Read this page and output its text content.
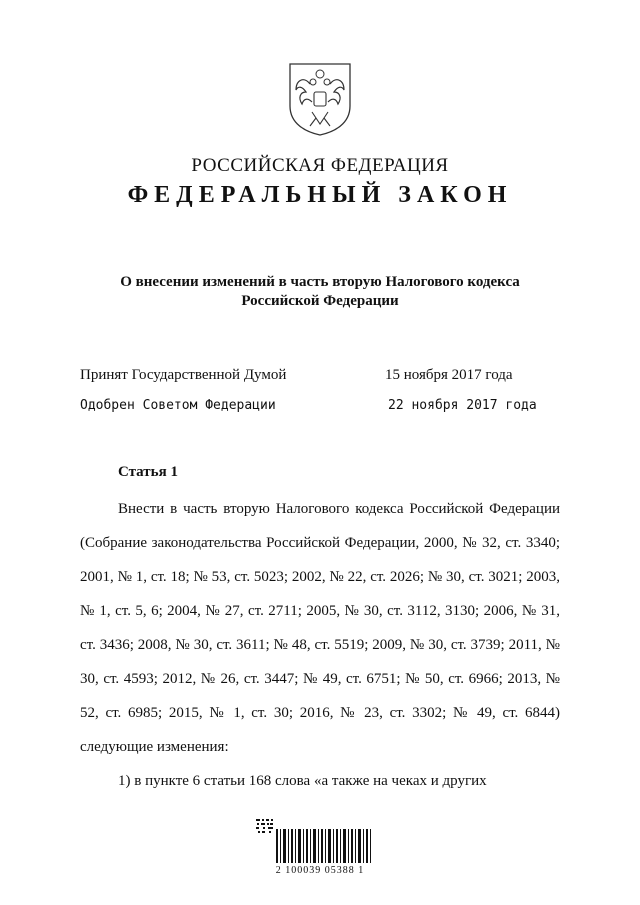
РОССИЙСКАЯ ФЕДЕРАЦИЯ
ФЕДЕРАЛЬНЫЙ ЗАКОН
О внесении изменений в часть вторую Налогового кодекса
Российской Федерации
Принят Государственной Думой	15 ноября 2017 года
Одобрен Советом Федерации	22 ноября 2017 года
Статья 1

Внести в часть вторую Налогового кодекса Российской Федерации (Собрание законодательства Российской Федерации, 2000, № 32, ст. 3340; 2001, № 1, ст. 18; № 53, ст. 5023; 2002, № 22, ст. 2026; № 30, ст. 3021; 2003, № 1, ст. 5, 6; 2004, № 27, ст. 2711; 2005, № 30, ст. 3112, 3130; 2006, № 31, ст. 3436; 2008, № 30, ст. 3611; № 48, ст. 5519; 2009, № 30, ст. 3739; 2011, № 30, ст. 4593; 2012, № 26, ст. 3447; № 49, ст. 6751; № 50, ст. 6966; 2013, № 52, ст. 6985; 2015, № 1, ст. 30; 2016, № 23, ст. 3302; № 49, ст. 6844) следующие изменения:

1) в пункте 6 статьи 168 слова «а также на чеках и других

2 100039 05388 1
